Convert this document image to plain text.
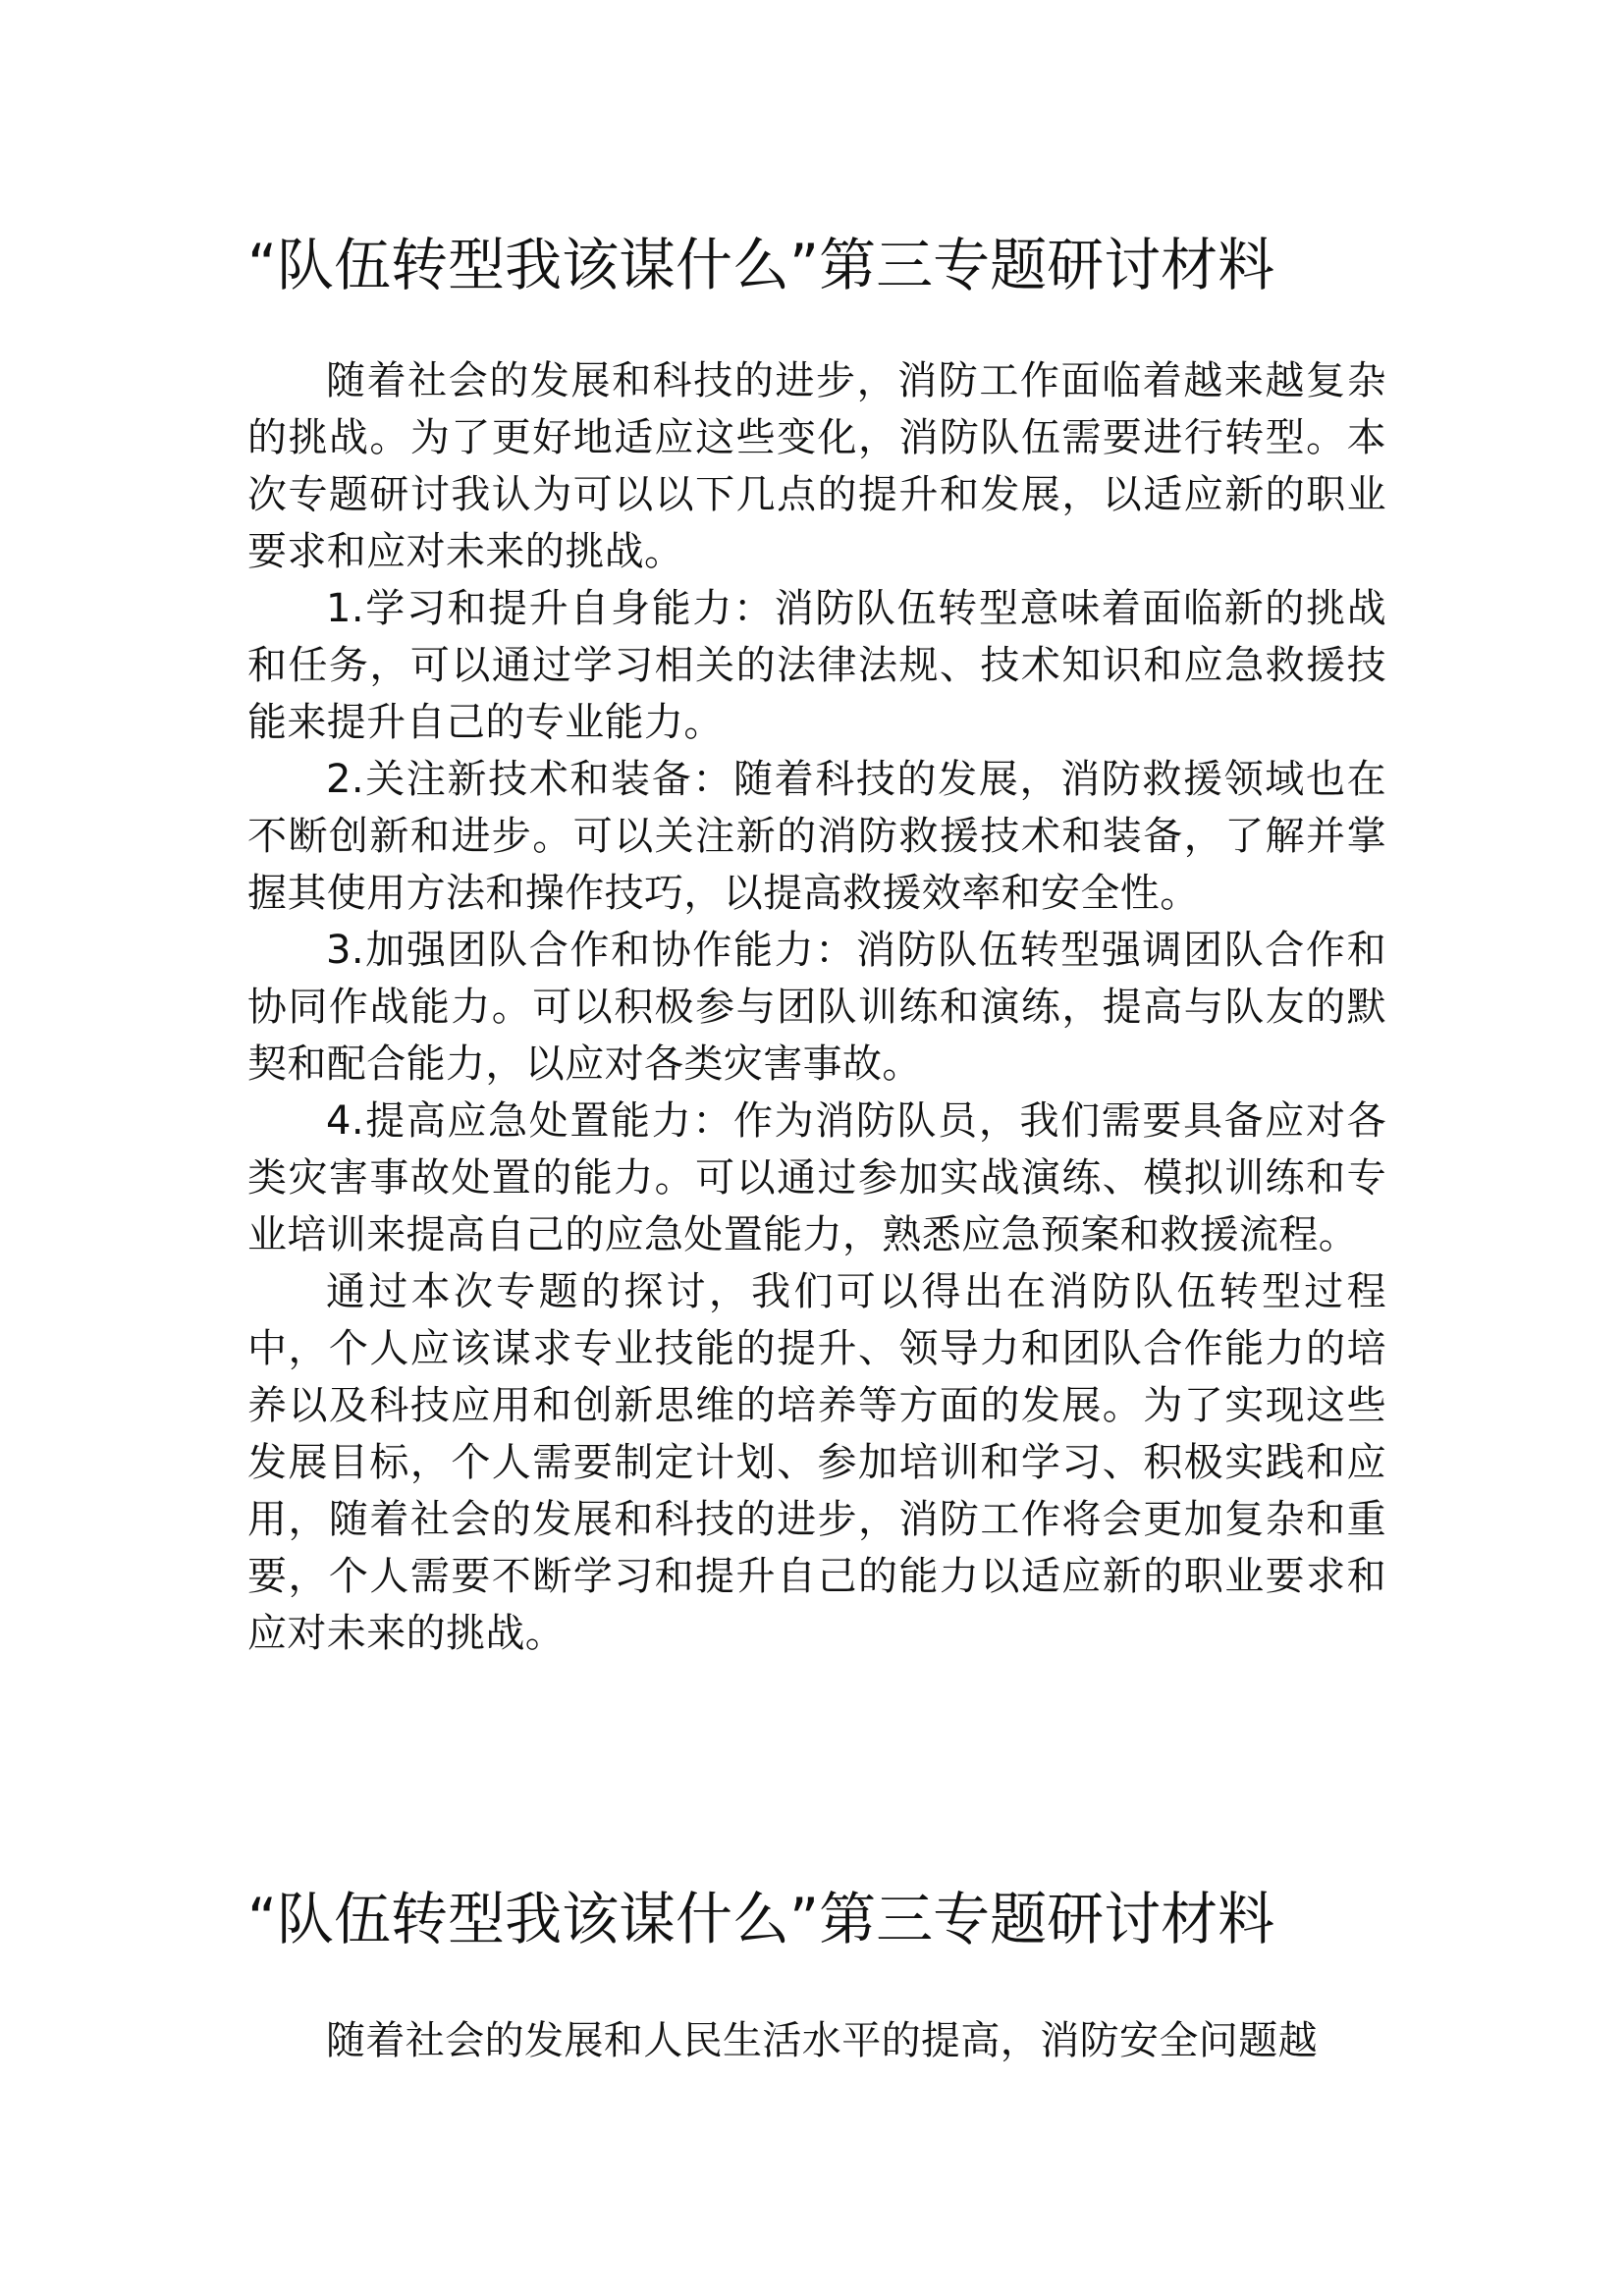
“队伍转型我该谋什么”第三专题研讨材料

随着社会的发展和科技的进步，消防工作面临着越来越复杂的挑战。为了更好地适应这些变化，消防队伍需要进行转型。本次专题研讨我认为可以以下几点的提升和发展，以适应新的职业要求和应对未来的挑战。

1.学习和提升自身能力：消防队伍转型意味着面临新的挑战和任务，可以通过学习相关的法律法规、技术知识和应急救援技能来提升自己的专业能力。

2.关注新技术和装备：随着科技的发展，消防救援领域也在不断创新和进步。可以关注新的消防救援技术和装备，了解并掌握其使用方法和操作技巧，以提高救援效率和安全性。

3.加强团队合作和协作能力：消防队伍转型强调团队合作和协同作战能力。可以积极参与团队训练和演练，提高与队友的默契和配合能力，以应对各类灾害事故。

4.提高应急处置能力：作为消防队员，我们需要具备应对各类灾害事故处置的能力。可以通过参加实战演练、模拟训练和专业培训来提高自己的应急处置能力，熟悉应急预案和救援流程。

通过本次专题的探讨，我们可以得出在消防队伍转型过程中，个人应该谋求专业技能的提升、领导力和团队合作能力的培养以及科技应用和创新思维的培养等方面的发展。为了实现这些发展目标，个人需要制定计划、参加培训和学习、积极实践和应用，随着社会的发展和科技的进步，消防工作将会更加复杂和重要，个人需要不断学习和提升自己的能力以适应新的职业要求和应对未来的挑战。

“队伍转型我该谋什么”第三专题研讨材料

随着社会的发展和人民生活水平的提高，消防安全问题越
